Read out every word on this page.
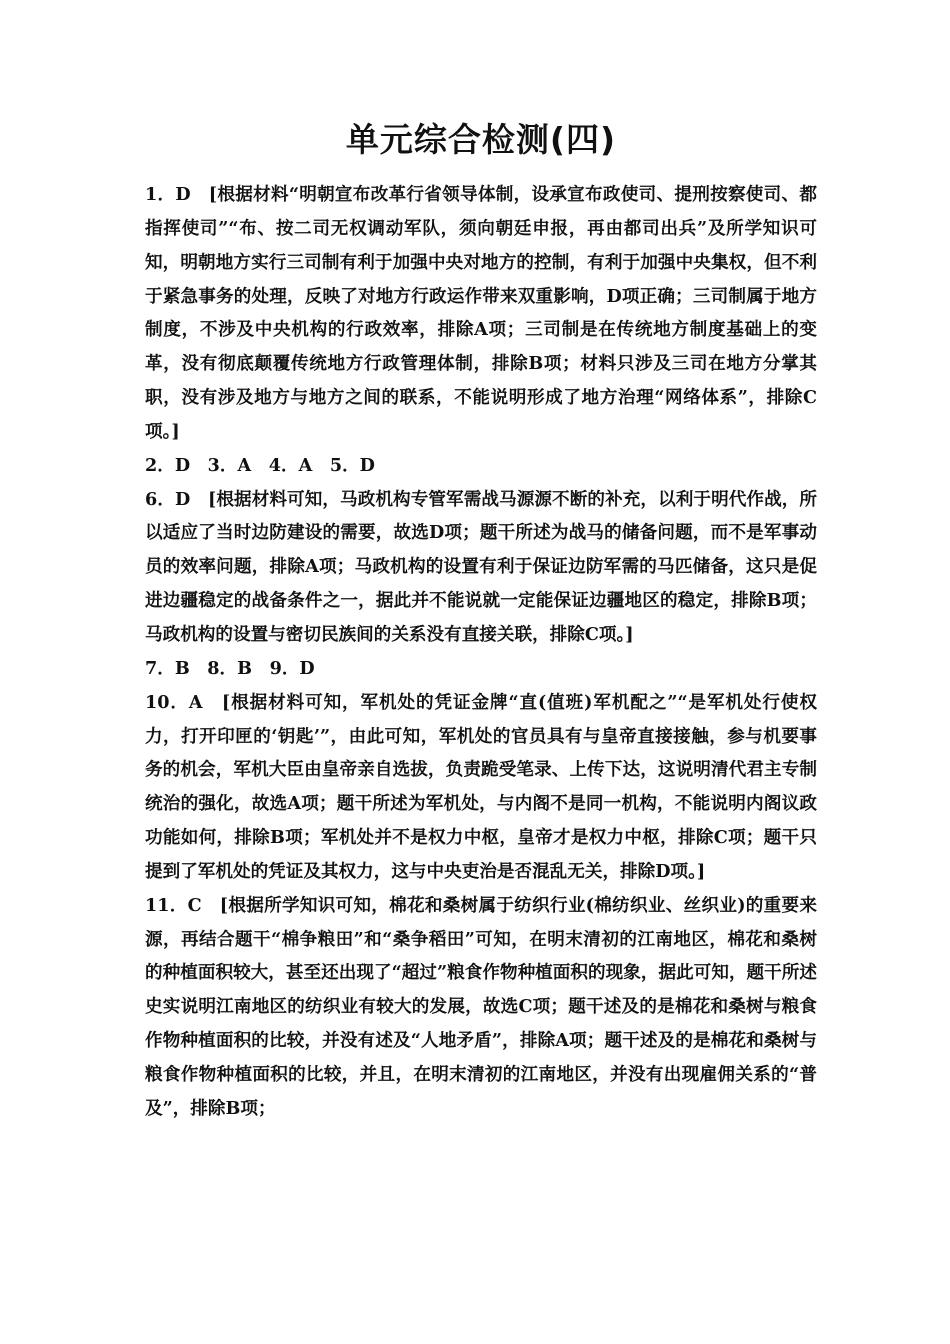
单元综合检测(四)

1．D　[根据材料“明朝宣布改革行省领导体制，设承宣布政使司、提刑按察使司、都指挥使司”“布、按二司无权调动军队，须向朝廷申报，再由都司出兵”及所学知识可知，明朝地方实行三司制有利于加强中央对地方的控制，有利于加强中央集权，但不利于紧急事务的处理，反映了对地方行政运作带来双重影响，D项正确；三司制属于地方制度，不涉及中央机构的行政效率，排除A项；三司制是在传统地方制度基础上的变革，没有彻底颠覆传统地方行政管理体制，排除B项；材料只涉及三司在地方分掌其职，没有涉及地方与地方之间的联系，不能说明形成了地方治理“网络体系”，排除C项。]

2．D　3．A　4．A　5．D

6．D　[根据材料可知，马政机构专管军需战马源源不断的补充，以利于明代作战，所以适应了当时边防建设的需要，故选D项；题干所述为战马的储备问题，而不是军事动员的效率问题，排除A项；马政机构的设置有利于保证边防军需的马匹储备，这只是促进边疆稳定的战备条件之一，据此并不能说就一定能保证边疆地区的稳定，排除B项；马政机构的设置与密切民族间的关系没有直接关联，排除C项。]

7．B　8．B　9．D

10．A　[根据材料可知，军机处的凭证金牌“直(值班)军机配之”“是军机处行使权力，打开印匣的‘钥匙’”，由此可知，军机处的官员具有与皇帝直接接触，参与机要事务的机会，军机大臣由皇帝亲自选拔，负责跪受笔录、上传下达，这说明清代君主专制统治的强化，故选A项；题干所述为军机处，与内阁不是同一机构，不能说明内阁议政功能如何，排除B项；军机处并不是权力中枢，皇帝才是权力中枢，排除C项；题干只提到了军机处的凭证及其权力，这与中央吏治是否混乱无关，排除D项。]

11．C　[根据所学知识可知，棉花和桑树属于纺织行业(棉纺织业、丝织业)的重要来源，再结合题干“棉争粮田”和“桑争稻田”可知，在明末清初的江南地区，棉花和桑树的种植面积较大，甚至还出现了“超过”粮食作物种植面积的现象，据此可知，题干所述史实说明江南地区的纺织业有较大的发展，故选C项；题干述及的是棉花和桑树与粮食作物种植面积的比较，并没有述及“人地矛盾”，排除A项；题干述及的是棉花和桑树与粮食作物种植面积的比较，并且，在明末清初的江南地区，并没有出现雇佣关系的“普及”，排除B项；
